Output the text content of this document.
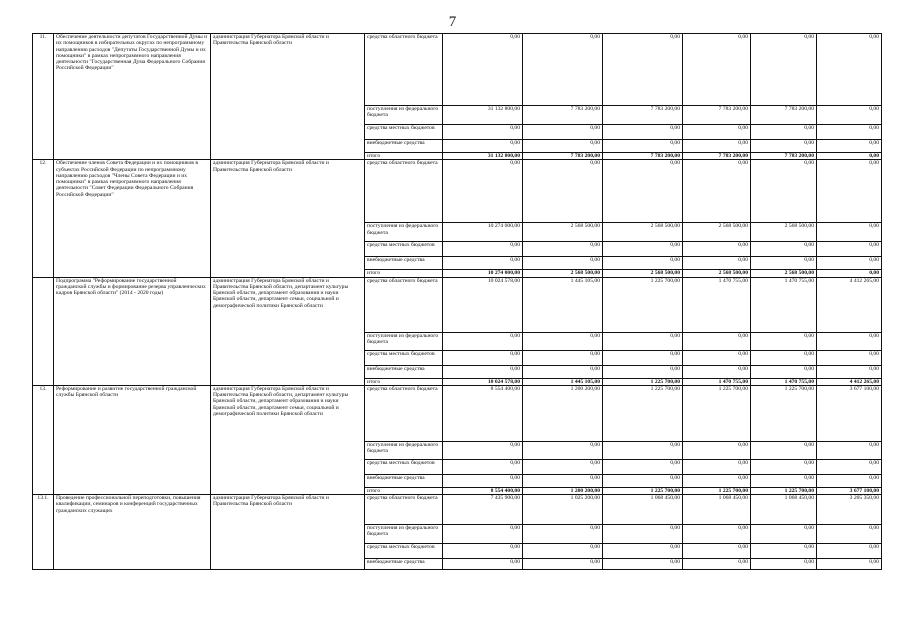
7
11.	Обеспечение деятельности депутатов Государственной Думы и их помощников в избирательных округах по непрограммному направлению расходов "Депутаты Государственной Думы и их помощники" в рамках непрограммного направления деятельности "Государственная Дума Федерального Собрания Российской Федерации"	администрация Губернатора Брянской области и Правительства Брянской области	средства областного бюджета	0,00	0,00	0,00	0,00	0,00	0,00
			поступления из федерального бюджета	31 132 800,00	7 783 200,00	7 783 200,00	7 783 200,00	7 783 200,00	0,00
			средства местных бюджетов	0,00	0,00	0,00	0,00	0,00	0,00
			внебюджетные средства	0,00	0,00	0,00	0,00	0,00	0,00
			итого	31 132 800,00	7 783 200,00	7 783 200,00	7 783 200,00	7 783 200,00	0,00
12.	Обеспечение членов Совета Федерации и их помощников в субъектах Российской Федерации по непрограммному направлению расходов "Члены Совета Федерации и их помощники" в рамках непрограммного направления деятельности "Совет Федерации Федерального Собрания Российской Федерации"	администрация Губернатора Брянской области и Правительства Брянской области	средства областного бюджета	0,00	0,00	0,00	0,00	0,00	0,00
			поступления из федерального бюджета	10 274 000,00	2 568 500,00	2 568 500,00	2 568 500,00	2 568 500,00	0,00
			средства местных бюджетов	0,00	0,00	0,00	0,00	0,00	0,00
			внебюджетные средства	0,00	0,00	0,00	0,00	0,00	0,00
			итого	10 274 000,00	2 568 500,00	2 568 500,00	2 568 500,00	2 568 500,00	0,00
	Подпрограмма "Реформирование государственной гражданской службы и формирование резерва управленческих кадров Брянской области" (2014 - 2020 годы)	администрация Губернатора Брянской области и Правительства Брянской области, департамент культуры Брянской области, департамент образования и науки Брянской области, департамент семьи, социальной и демографической политики Брянской области	средства областного бюджета	10 024 578,00	1 445 105,00	1 225 700,00	1 470 755,00	1 470 755,00	4 412 265,00
			поступления из федерального бюджета	0,00	0,00	0,00	0,00	0,00	0,00
			средства местных бюджетов	0,00	0,00	0,00	0,00	0,00	0,00
			внебюджетные средства	0,00	0,00	0,00	0,00	0,00	0,00
			итого	10 024 578,00	1 445 105,00	1 225 700,00	1 470 755,00	1 470 755,00	4 412 265,00
13.	Реформирование и развитие государственной гражданской службы Брянской области	администрация Губернатора Брянской области и Правительства Брянской области, департамент культуры Брянской области, департамент образования и науки Брянской области, департамент семьи, социальной и демографической политики Брянской области	средства областного бюджета	8 554 400,00	1 200 200,00	1 225 700,00	1 225 700,00	1 225 700,00	3 677 100,00
			поступления из федерального бюджета	0,00	0,00	0,00	0,00	0,00	0,00
			средства местных бюджетов	0,00	0,00	0,00	0,00	0,00	0,00
			внебюджетные средства	0,00	0,00	0,00	0,00	0,00	0,00
			итого	8 554 400,00	1 200 200,00	1 225 700,00	1 225 700,00	1 225 700,00	3 677 100,00
13.1.	Проведение профессиональной переподготовки, повышения квалификации, семинаров и конференций государственных гражданских служащих	администрация Губернатора Брянской области и Правительства Брянской области	средства областного бюджета	7 435 900,00	1 025 200,00	1 068 450,00	1 068 450,00	1 068 450,00	3 205 350,00
			поступления из федерального бюджета	0,00	0,00	0,00	0,00	0,00	0,00
			средства местных бюджетов	0,00	0,00	0,00	0,00	0,00	0,00
			внебюджетные средства	0,00	0,00	0,00	0,00	0,00	0,00
